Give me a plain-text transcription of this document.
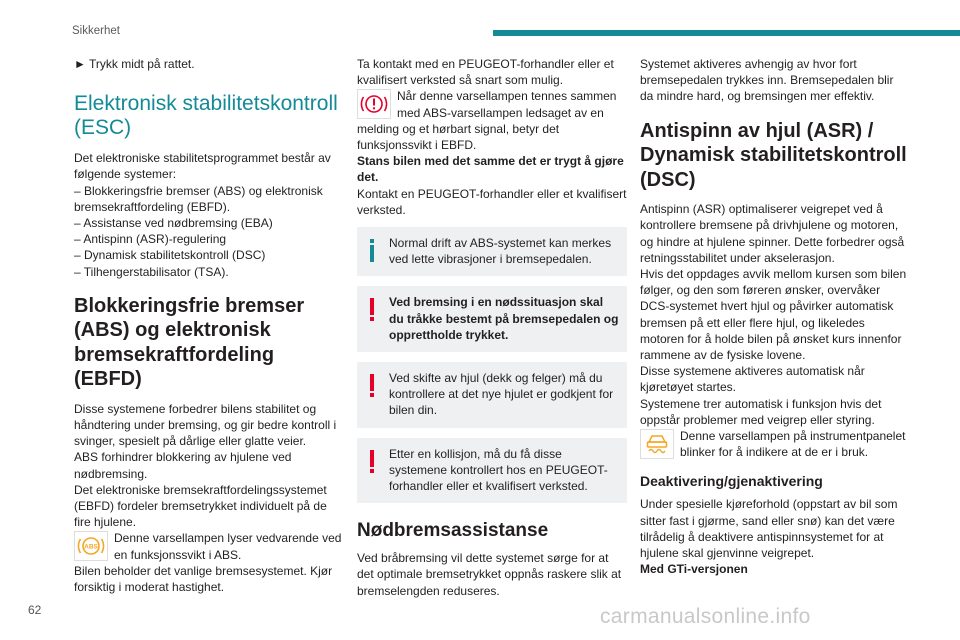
Sikkerhet

► Trykk midt på rattet.

Elektronisk stabilitetskontroll (ESC)

Det elektroniske stabilitetsprogrammet består av følgende systemer:

– Blokkeringsfrie bremser (ABS) og elektronisk bremsekraftfordeling (EBFD).

– Assistanse ved nødbremsing (EBA)

– Antispinn (ASR)-regulering

– Dynamisk stabilitetskontroll (DSC)

– Tilhengerstabilisator (TSA).

Blokkeringsfrie bremser (ABS) og elektronisk bremsekraftfordeling (EBFD)

Disse systemene forbedrer bilens stabilitet og håndtering under bremsing, og gir bedre kontroll i svinger, spesielt på dårlige eller glatte veier.

ABS forhindrer blokkering av hjulene ved nødbremsing.

Det elektroniske bremsekraftfordelingssystemet (EBFD) fordeler bremsetrykket individuelt på de fire hjulene.

ABS
Denne varsellampen lyser vedvarende ved en funksjonssvikt i ABS.

Bilen beholder det vanlige bremsesystemet. Kjør forsiktig i moderat hastighet.

Ta kontakt med en PEUGEOT-forhandler eller et kvalifisert verksted så snart som mulig.

Når denne varsellampen tennes sammen med ABS-varsellampen ledsaget av en melding og et hørbart signal, betyr det funksjonssvikt i EBFD.

Stans bilen med det samme det er trygt å gjøre det.

Kontakt en PEUGEOT-forhandler eller et kvalifisert verksted.

Normal drift av ABS-systemet kan merkes ved lette vibrasjoner i bremsepedalen.
Ved bremsing i en nødssituasjon skal du tråkke bestemt på bremsepedalen og opprettholde trykket.
Ved skifte av hjul (dekk og felger) må du kontrollere at det nye hjulet er godkjent for bilen din.
Etter en kollisjon, må du få disse systemene kontrollert hos en PEUGEOT-forhandler eller et kvalifisert verksted.
Nødbremsassistanse

Ved bråbremsing vil dette systemet sørge for at det optimale bremsetrykket oppnås raskere slik at bremselengden reduseres.

Systemet aktiveres avhengig av hvor fort bremsepedalen trykkes inn. Bremsepedalen blir da mindre hard, og bremsingen mer effektiv.

Antispinn av hjul (ASR) / Dynamisk stabilitetskontroll (DSC)

Antispinn (ASR) optimaliserer veigrepet ved å kontrollere bremsene på drivhjulene og motoren, og hindre at hjulene spinner. Dette forbedrer også retningsstabilitet under akselerasjon.

Hvis det oppdages avvik mellom kursen som bilen følger, og den som føreren ønsker, overvåker DCS-systemet hvert hjul og påvirker automatisk bremsen på ett eller flere hjul, og likeledes motoren for å holde bilen på ønsket kurs innenfor rammene av de fysiske lovene.

Disse systemene aktiveres automatisk når kjøretøyet startes.

Systemene trer automatisk i funksjon hvis det oppstår problemer med veigrep eller styring.

Denne varsellampen på instrumentpanelet blinker for å indikere at de er i bruk.
Deaktivering/gjenaktivering

Under spesielle kjøreforhold (oppstart av bil som sitter fast i gjørme, sand eller snø) kan det være tilrådelig å deaktivere antispinnsystemet for at hjulene skal gjenvinne veigrepet.

Med GTi-versjonen

62	carmanualsonline.info
